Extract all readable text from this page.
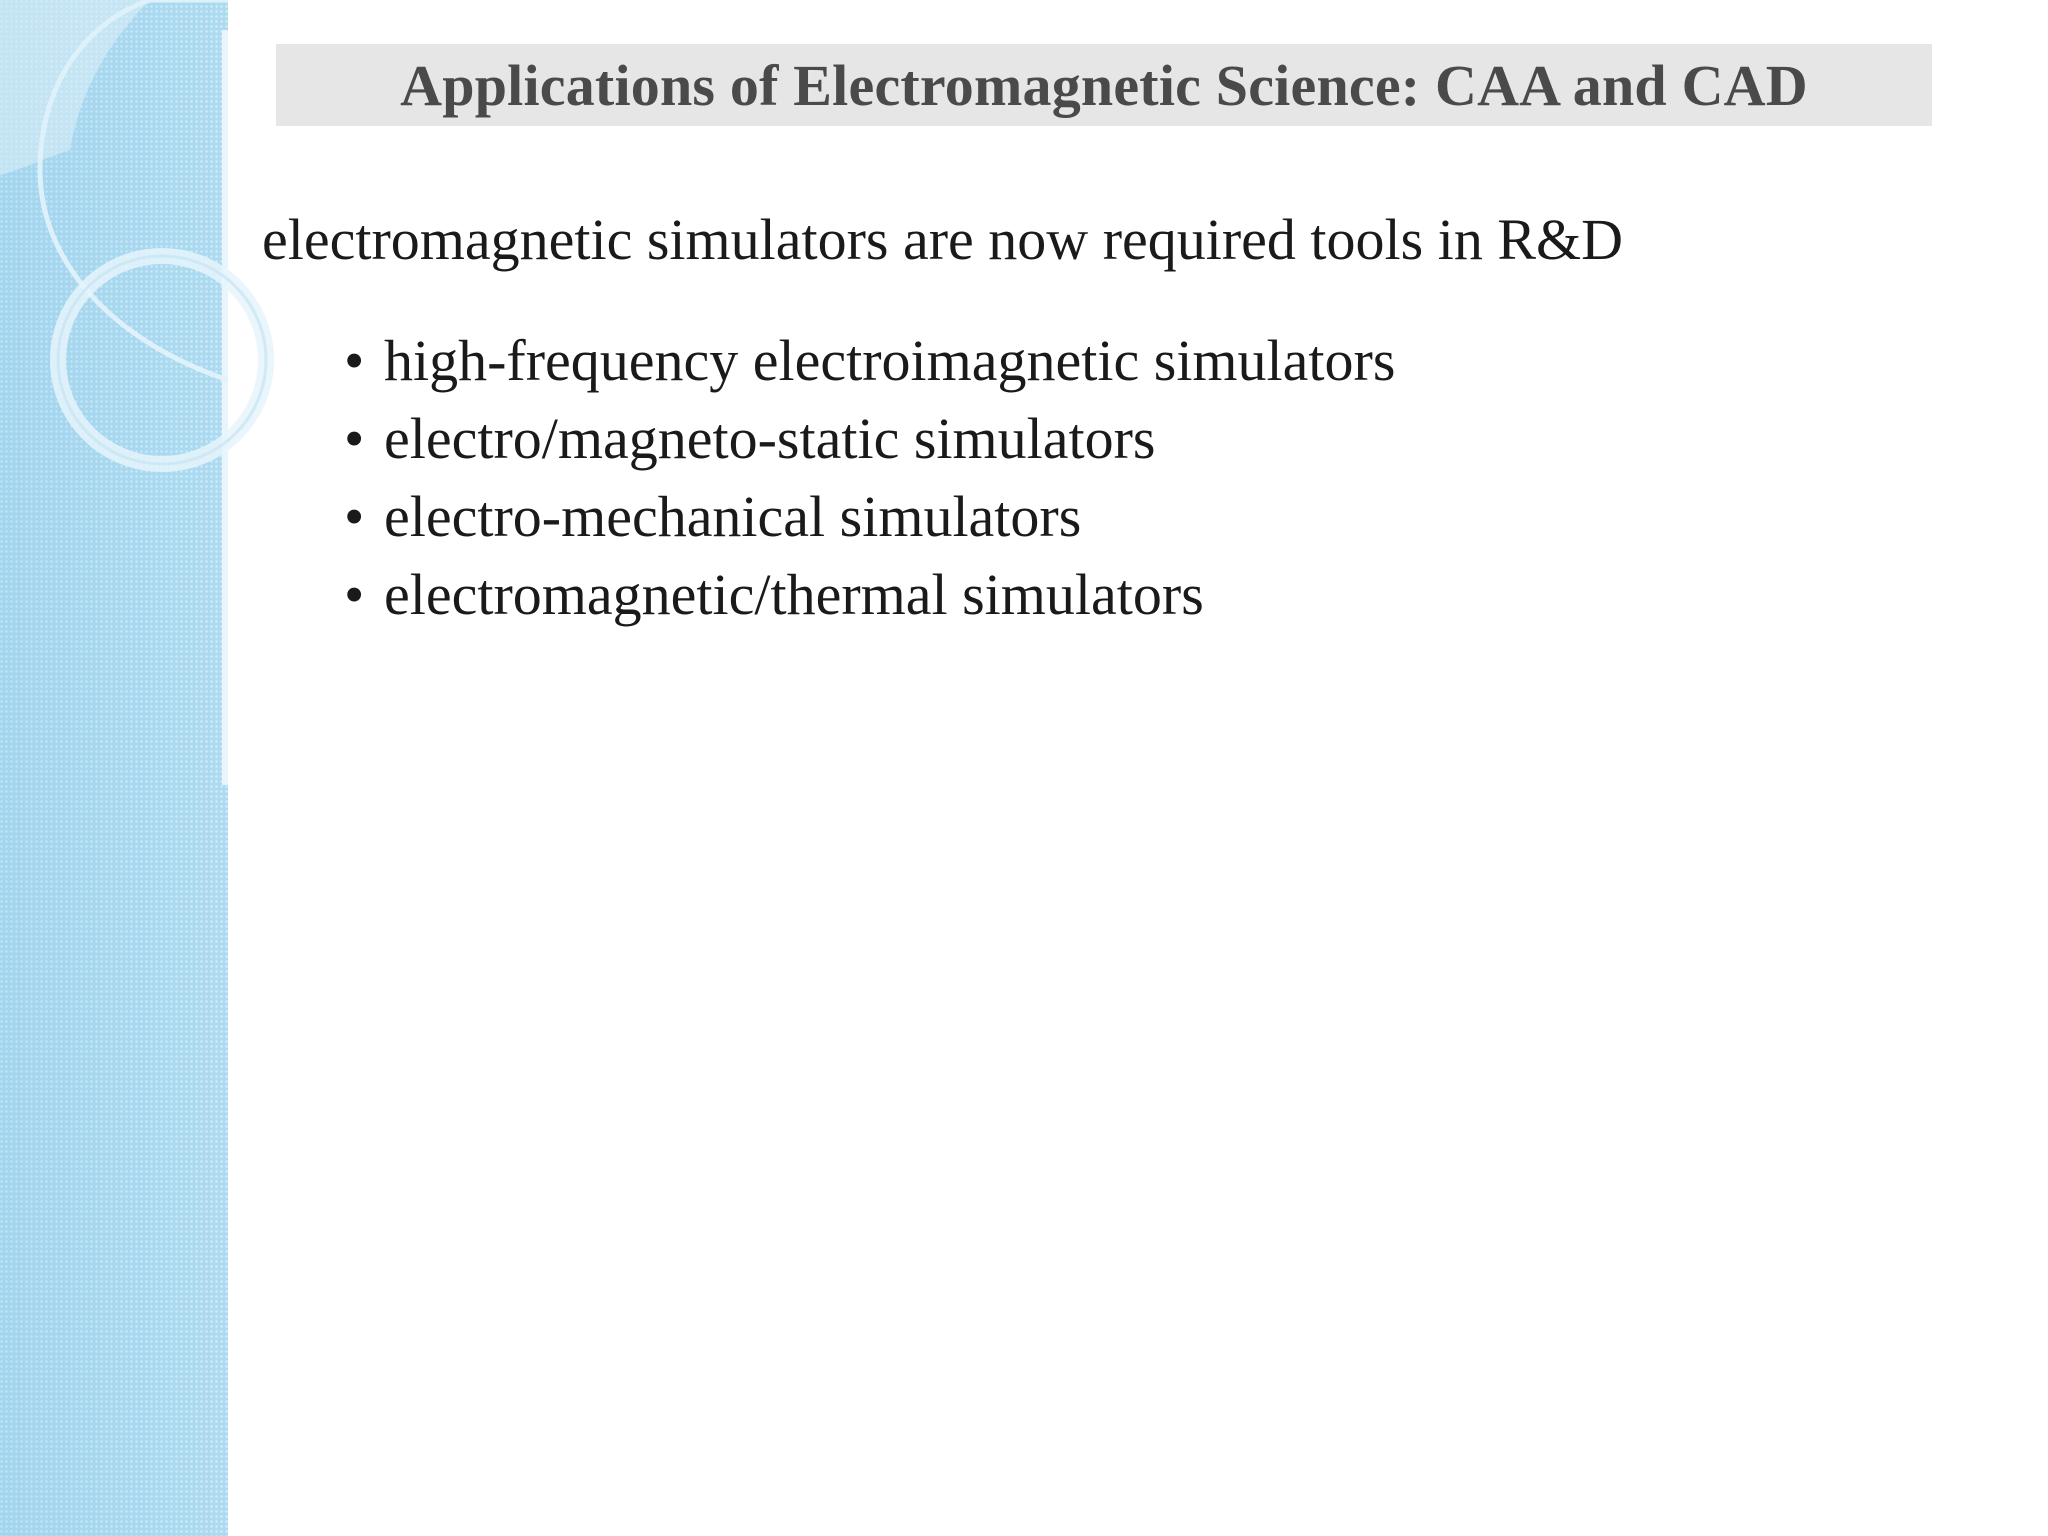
Applications of Electromagnetic Science: CAA and CAD
electromagnetic simulators are now required tools in R&D
• high-frequency electroimagnetic simulators
• electro/magneto-static simulators
• electro-mechanical simulators
• electromagnetic/thermal simulators
